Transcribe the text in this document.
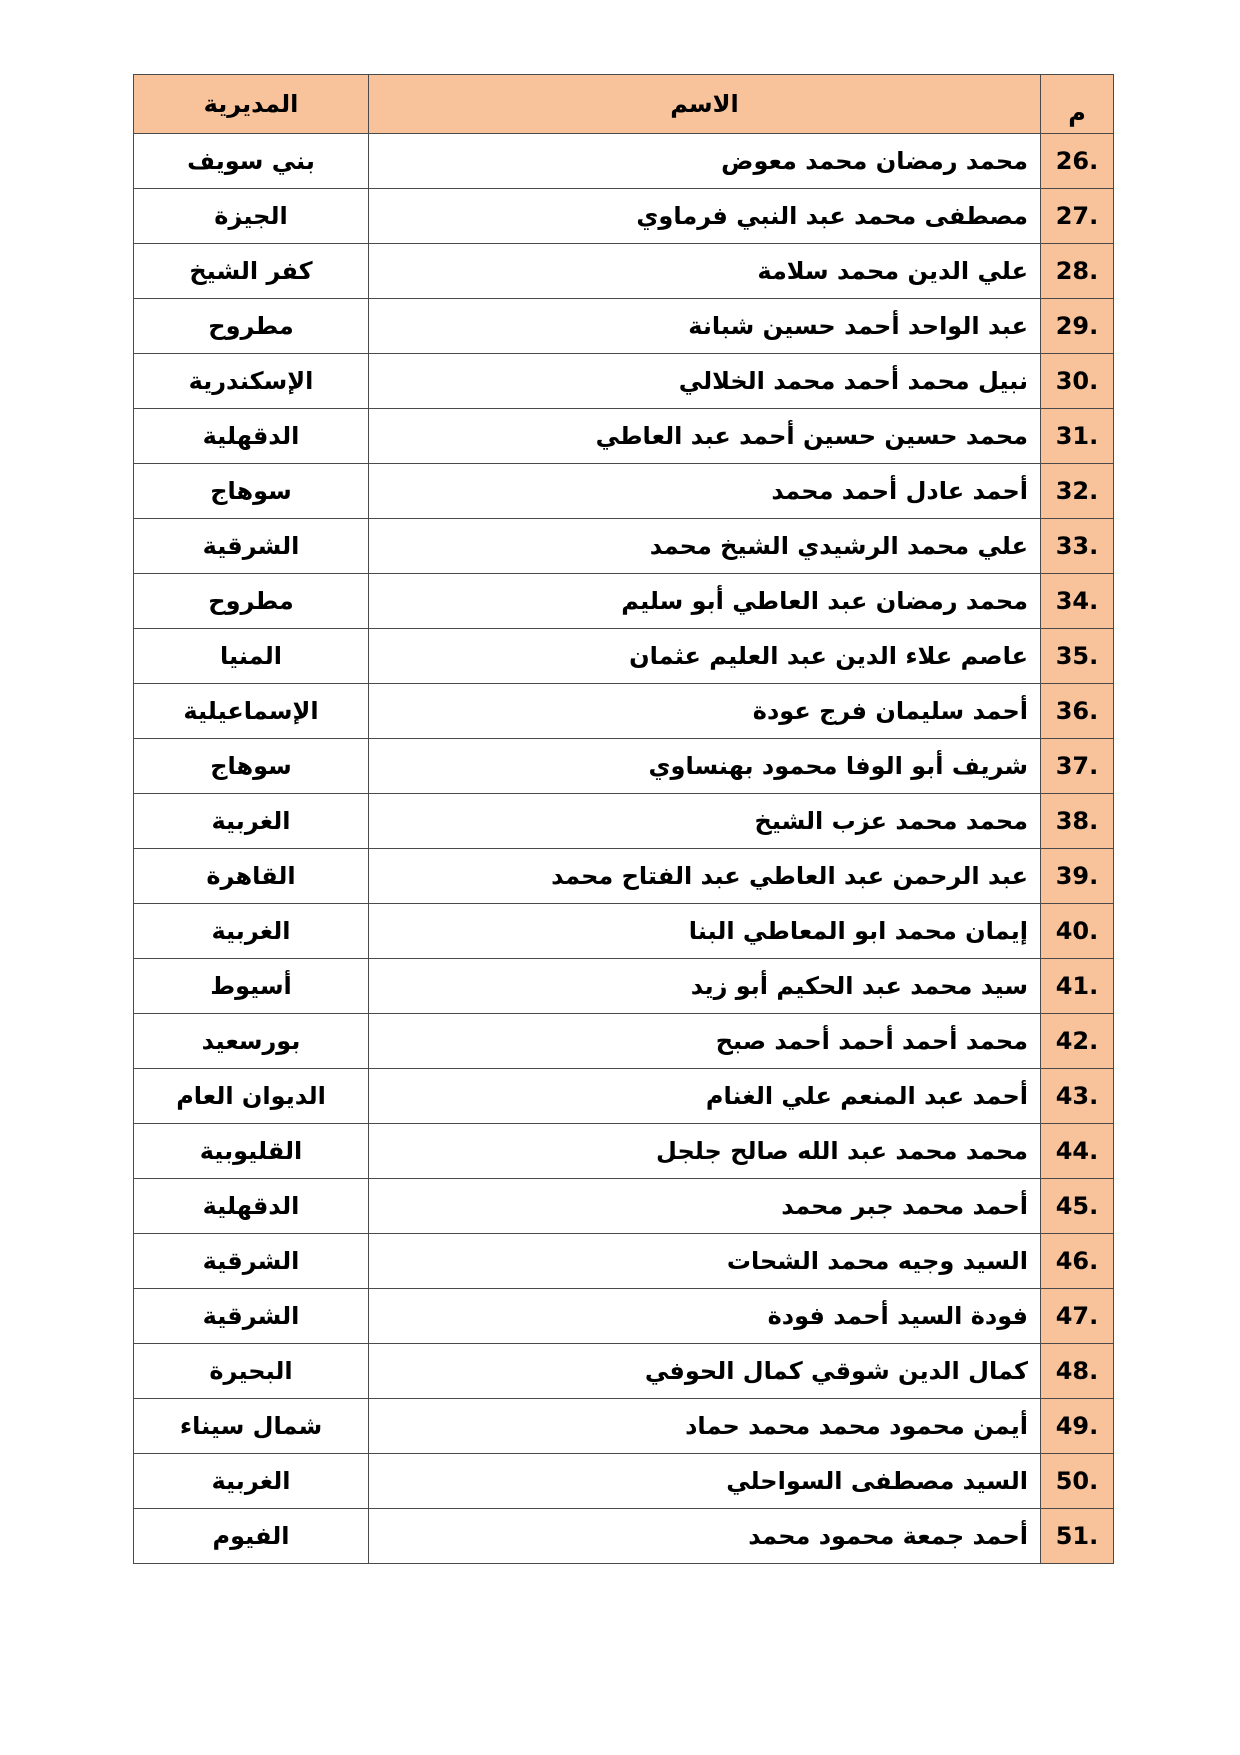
م	الاسم	المديرية
26.	محمد رمضان محمد معوض	بني سويف
27.	مصطفى محمد عبد النبي فرماوي	الجيزة
28.	علي الدين محمد سلامة	كفر الشيخ
29.	عبد الواحد أحمد حسين شبانة	مطروح
30.	نبيل محمد أحمد محمد الخلالي	الإسكندرية
31.	محمد حسين حسين أحمد عبد العاطي	الدقهلية
32.	أحمد عادل أحمد محمد	سوهاج
33.	علي محمد الرشيدي الشيخ محمد	الشرقية
34.	محمد رمضان عبد العاطي أبو سليم	مطروح
35.	عاصم علاء الدين عبد العليم عثمان	المنيا
36.	أحمد سليمان فرج عودة	الإسماعيلية
37.	شريف أبو الوفا محمود بهنساوي	سوهاج
38.	محمد محمد عزب الشيخ	الغربية
39.	عبد الرحمن عبد العاطي عبد الفتاح محمد	القاهرة
40.	إيمان محمد ابو المعاطي البنا	الغربية
41.	سيد محمد عبد الحكيم أبو زيد	أسيوط
42.	محمد أحمد أحمد أحمد صبح	بورسعيد
43.	أحمد عبد المنعم علي الغنام	الديوان العام
44.	محمد محمد عبد الله صالح جلجل	القليوبية
45.	أحمد محمد جبر محمد	الدقهلية
46.	السيد وجيه محمد الشحات	الشرقية
47.	فودة السيد أحمد فودة	الشرقية
48.	كمال الدين شوقي كمال الحوفي	البحيرة
49.	أيمن محمود محمد محمد حماد	شمال سيناء
50.	السيد مصطفى السواحلي	الغربية
51.	أحمد جمعة محمود محمد	الفيوم
